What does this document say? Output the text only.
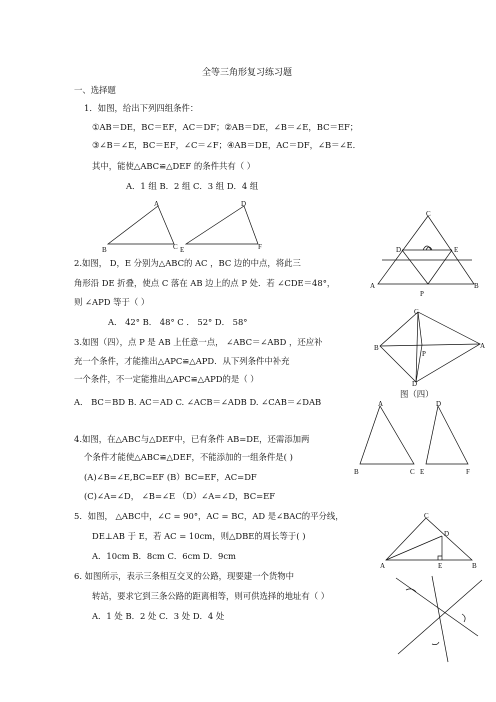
全等三角形复习练习题
一、选择题
1．如图，给出下列四组条件：
①AB＝DE，BC＝EF，AC＝DF；②AB＝DE，∠B＝∠E，BC＝EF；
③∠B＝∠E，BC＝EF，∠C＝∠F；④AB＝DE，AC＝DF，∠B＝∠E．
其中，能使△ABC≌△DEF 的条件共有（ ）
A．1 组 B．2 组 C．3 组 D．4 组
A
B	C
D
E	F
2.如图， D，E 分别为△ABC的 AC ，BC 边的中点，将此三
角形沿 DE 折叠，使点 C 落在 AB 边上的点 P 处．若 ∠CDE＝48°，
则 ∠APD 等于（ ）
A． 42° B． 48° C ． 52° D． 58°
C
D	E
A	B
P
3.如图（四），点 P 是 AB 上任意一点， ∠ABC＝∠ABD ，还应补
充一个条件，才能推出△APC≌△APD．从下列条件中补充
一个条件，不一定能推出△APC≌△APD的是（ ）
A． BC＝BD B. AC＝AD C. ∠ACB＝∠ADB D. ∠CAB＝∠DAB
C
B	A
P
D
图（四）
4.如图，在△ABC与△DEF中，已有条件 AB=DE，还需添加两
个条件才能使△ABC≌△DEF，不能添加的一组条件是( )
(A)∠B=∠E,BC=EF (B）BC=EF，AC=DF
(C)∠A=∠D， ∠B=∠E （D）∠A=∠D，BC=EF
A
B	C
D
E	F
5．如图， △ABC中，∠C = 90°，AC = BC，AD 是∠BAC的平分线，
DE⊥AB 于 E，若 AC = 10cm，则△DBE的周长等于( )
A．10cm B．8cm C．6cm D．9cm
C
D
A	E	B
6. 如图所示，表示三条相互交叉的公路，现要建一个货物中
转站，要求它到三条公路的距离相等，则可供选择的地址有（ ）
A．1 处 B．2 处 C．3 处 D．4 处
